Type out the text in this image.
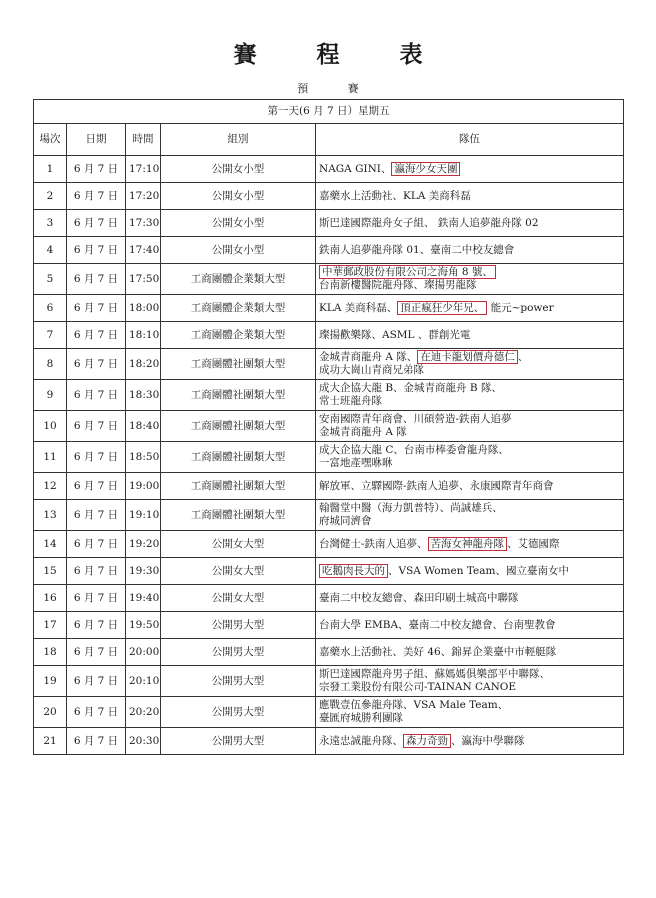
賽 程 表
預 賽
第一天(6 月 7 日）星期五				
場次	日期	時間	組別	隊伍
1	6 月 7 日	17:10	公開女小型	NAGA GINI、 瀛海少女天團

2	6 月 7 日	17:20	公開女小型	嘉藥水上活動社、KLA 美商科磊

3	6 月 7 日	17:30	公開女小型	斯巴達國際龍舟女子組、 鉄南人追夢龍舟隊 02

4	6 月 7 日	17:40	公開女小型	鉄南人追夢龍舟隊 01、臺南二中校友總會

5	6 月 7 日	17:50	工商團體企業類大型	中華郵政股份有限公司之海角 8 號、
台南新樓醫院龍舟隊、璨揚男龍隊

6	6 月 7 日	18:00	工商團體企業類大型	KLA 美商科磊、 頂正瘋狂少年兄、 能元~power

7	6 月 7 日	18:10	工商團體企業類大型	璨揚歡樂隊、ASML 、群創光電

8	6 月 7 日	18:20	工商團體社團類大型	金城青商龍舟 A 隊、 在迪卡龍划價舟德仁 、
成功大崗山青商兄弟隊

9	6 月 7 日	18:30	工商團體社團類大型	成大企協大龍 B、金城青商龍舟 B 隊、
常士班龍舟隊

10	6 月 7 日	18:40	工商團體社團類大型	安南國際青年商會、川碩營造-鉄南人追夢
金城青商龍舟 A 隊

11	6 月 7 日	18:50	工商團體社團類大型	成大企協大龍 C、台南市棒委會龍舟隊、
一富地產嘿咻咻

12	6 月 7 日	19:00	工商團體社團類大型	解放軍、立驛國際-鉄南人追夢、永康國際青年商會

13	6 月 7 日	19:10	工商團體社團類大型	翰醫堂中醫（海力凱普特）、尚誠雄兵、
府城同濟會

14	6 月 7 日	19:20	公開女大型	台灣健士-鉄南人追夢、 苦海女神龍舟隊 、艾德國際

15	6 月 7 日	19:30	公開女大型	吃鵝肉長大的 、VSA Women Team、國立臺南女中

16	6 月 7 日	19:40	公開女大型	臺南二中校友總會、森田印刷土城高中聯隊

17	6 月 7 日	19:50	公開男大型	台南大學 EMBA、臺南二中校友總會、台南聖教會

18	6 月 7 日	20:00	公開男大型	嘉藥水上活動社、美好 46、錦昇企業臺中市輕艇隊

19	6 月 7 日	20:10	公開男大型	斯巴達國際龍舟男子組、蘇媽媽俱樂部平中聯隊、
宗發工業股份有限公司-TAINAN CANOE

20	6 月 7 日	20:20	公開男大型	應戰壹伍參龍舟隊、VSA Male Team、
臺匯府城勝利團隊

21	6 月 7 日	20:30	公開男大型	永遠忠誠龍舟隊、 森力奇勁 、瀛海中學聯隊
